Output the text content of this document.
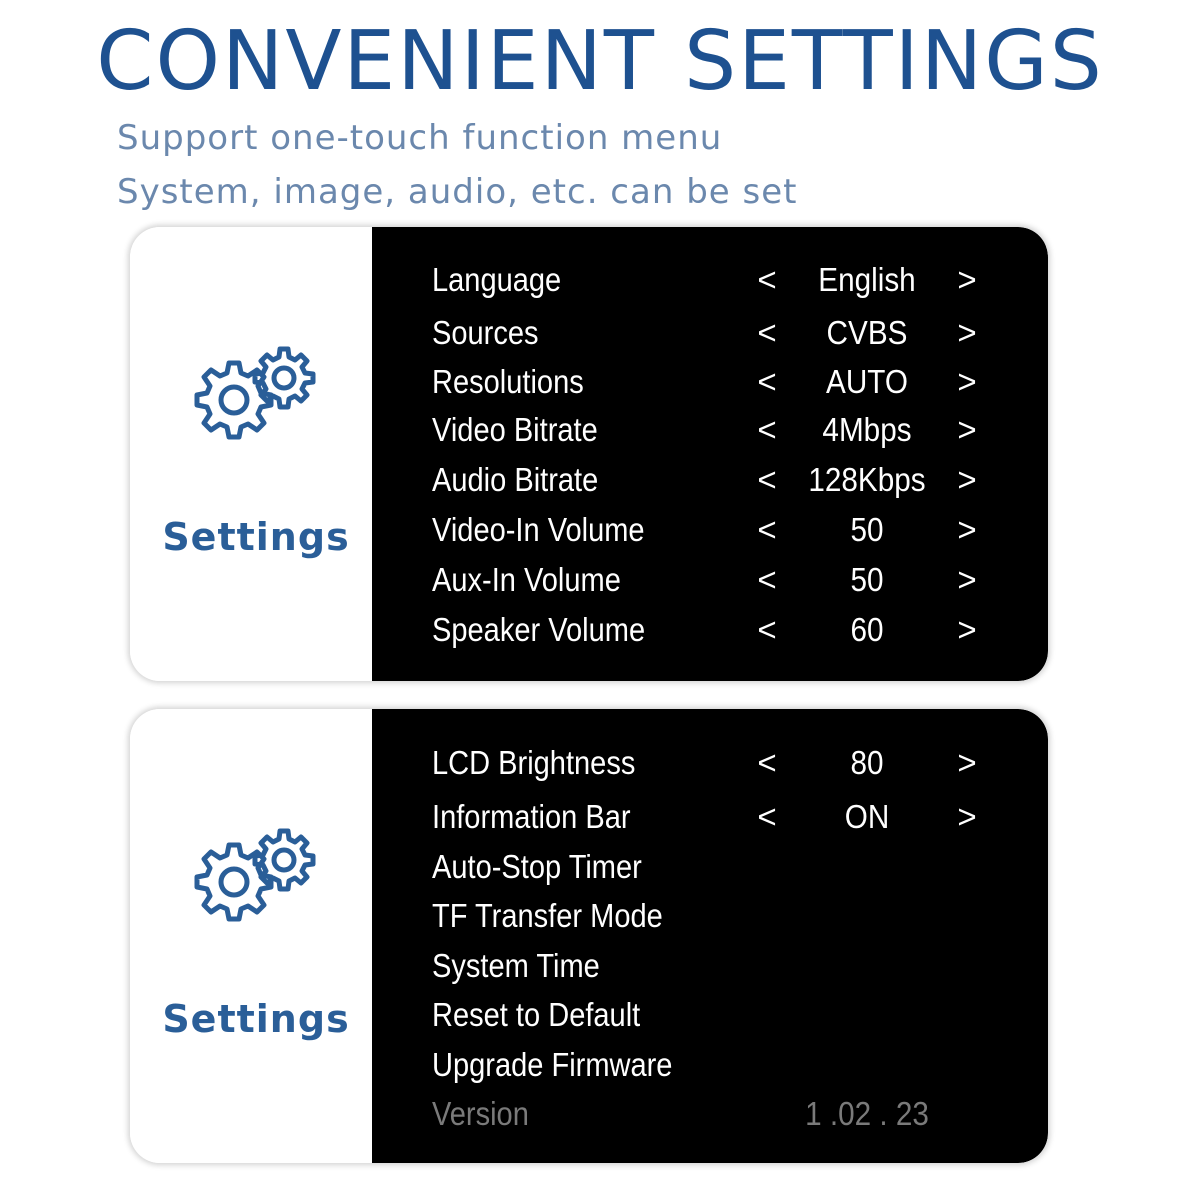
CONVENIENT SETTINGS
Support one-touch function menu
System, image, audio, etc. can be set
Settings
Language	<	English	>
Sources	<	CVBS	>
Resolutions	<	AUTO	>
Video Bitrate	<	4Mbps	>
Audio Bitrate	< 128Kbps >
Video-In Volume	<	50	>
Aux-In Volume	<	50	>
Speaker Volume	<	60	>
Settings
LCD Brightness	<	80	>
Information Bar	<	ON	>
Auto-Stop Timer
TF Transfer Mode
System Time
Reset to Default
Upgrade Firmware
Version	1 .02 . 23
